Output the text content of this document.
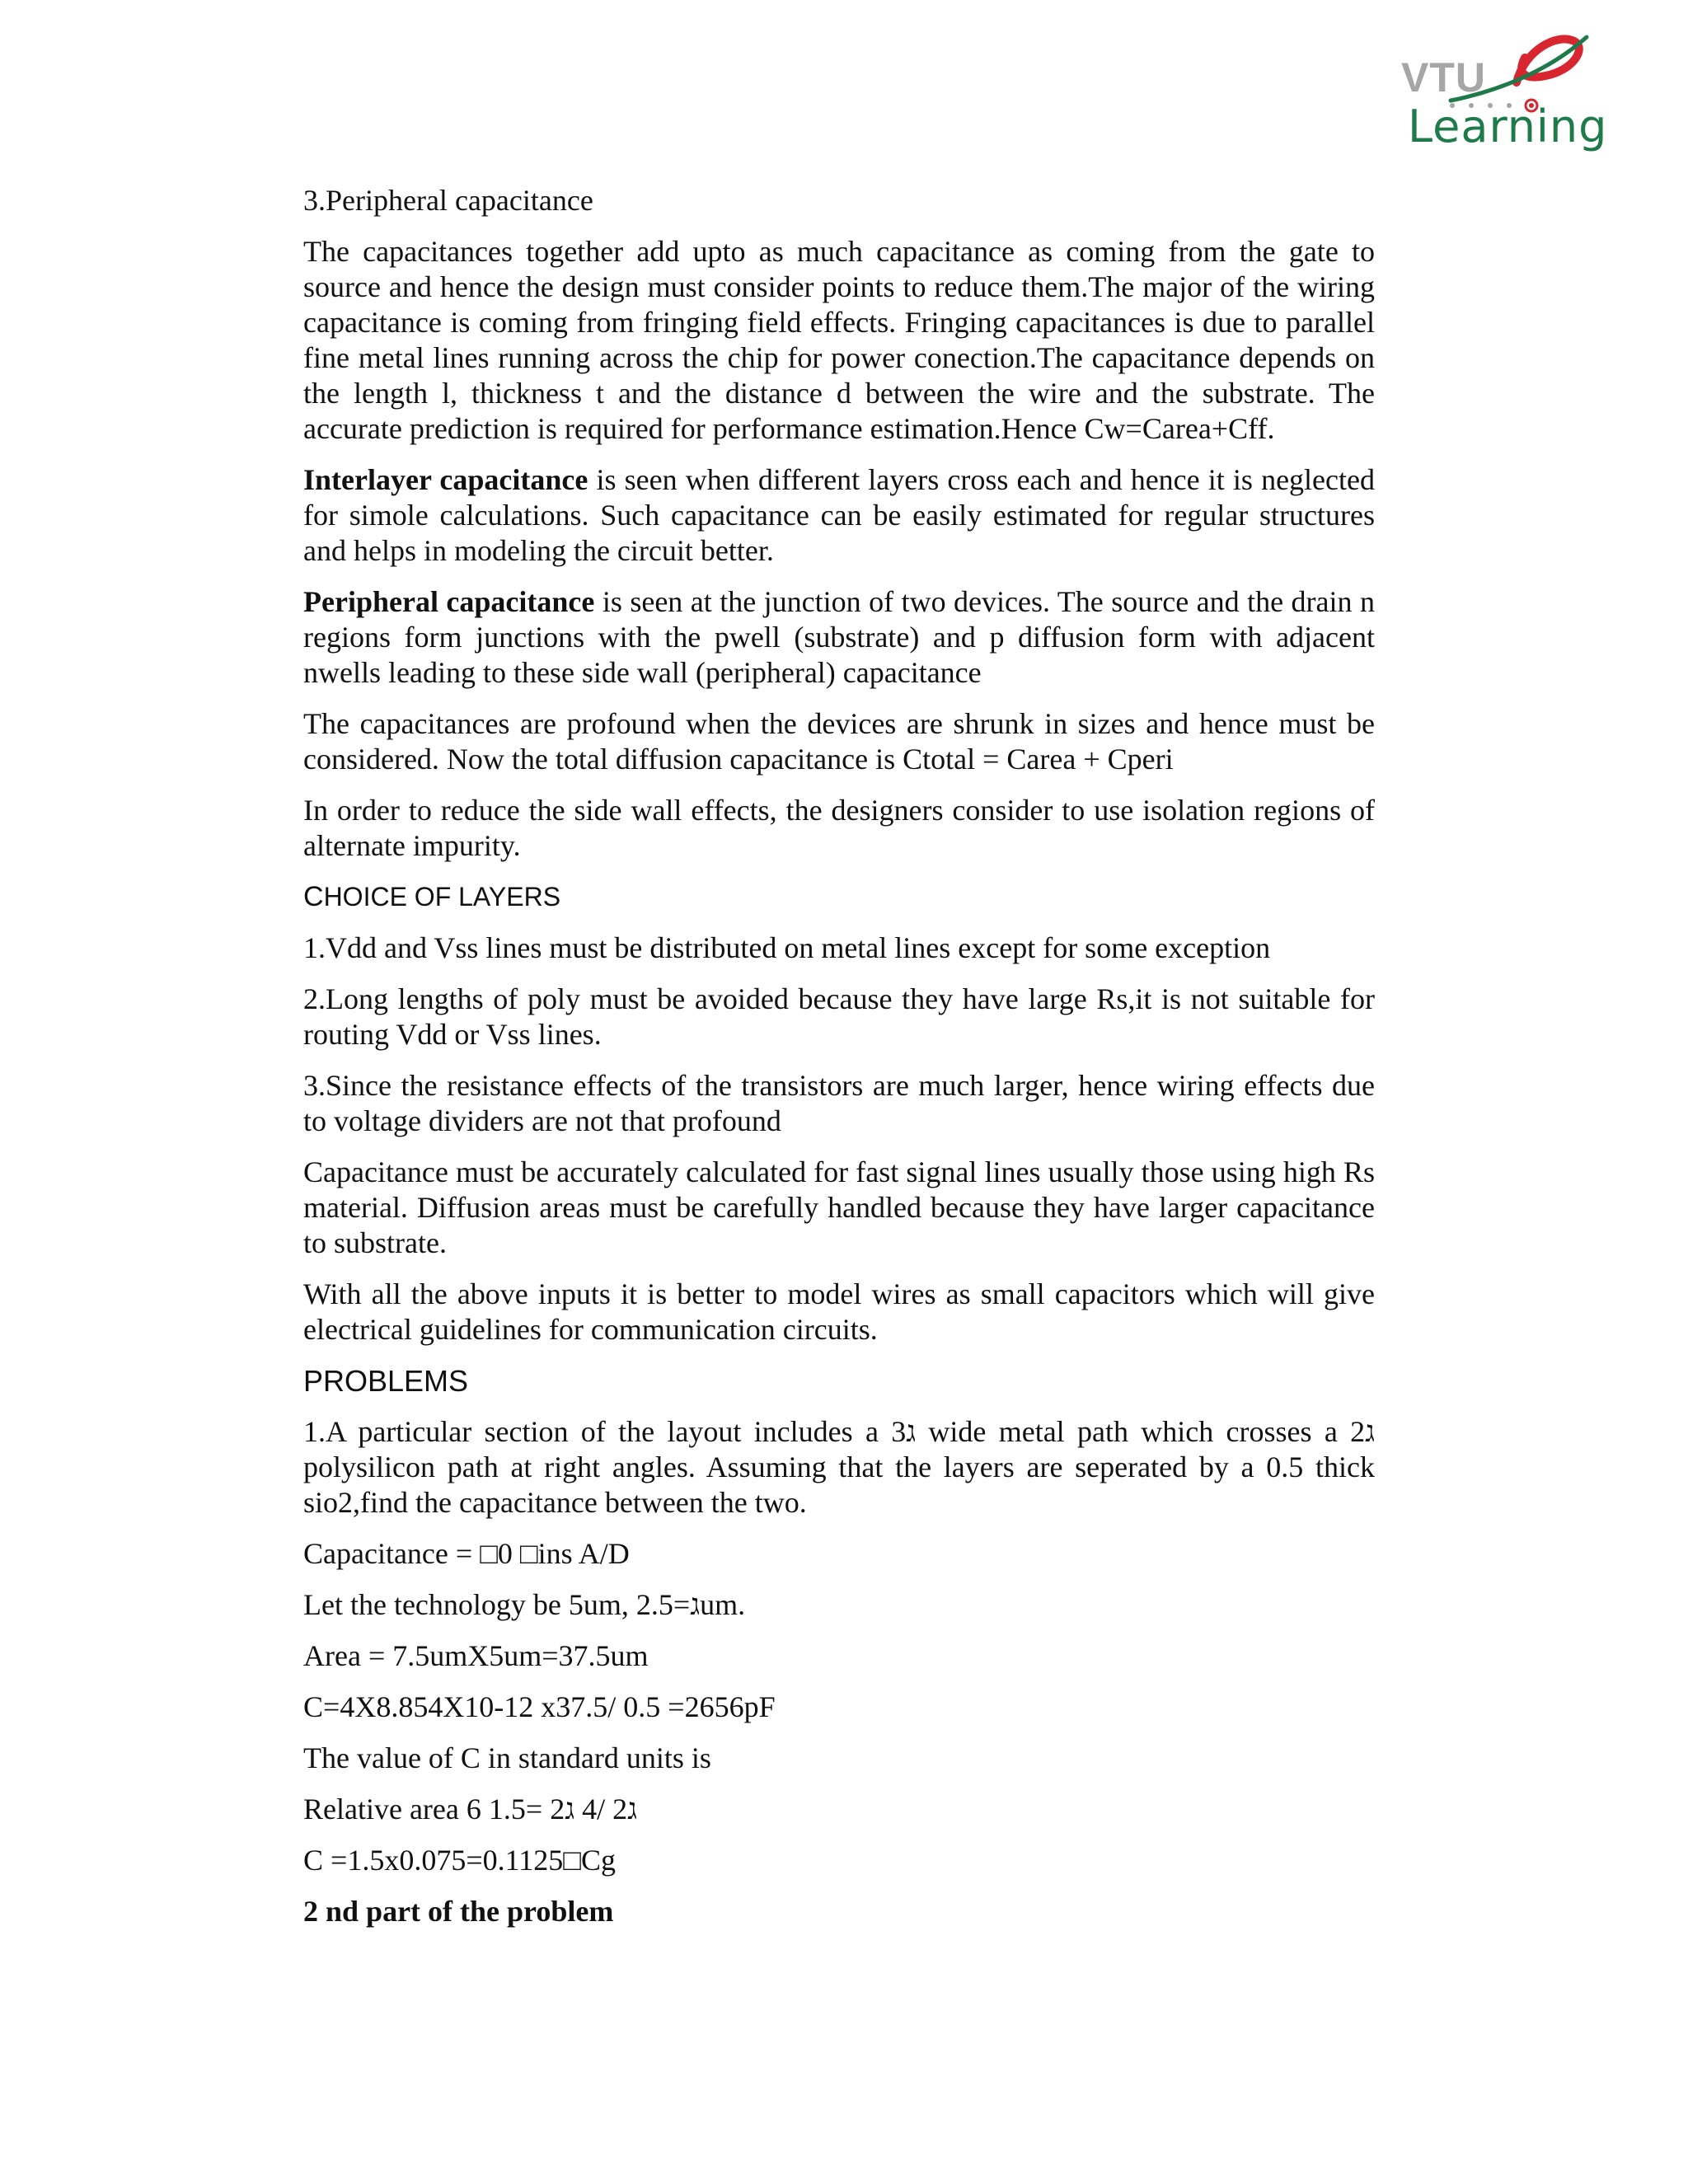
VTU
Learning

3.Peripheral capacitance

The capacitances together add upto as much capacitance as coming from the gate to source and hence the design must consider points to reduce them.The major of the wiring capacitance is coming from fringing field effects. Fringing capacitances is due to parallel fine metal lines running across the chip for power conection.The capacitance depends on the length l, thickness t and the distance d between the wire and the substrate. The accurate prediction is required for performance estimation.Hence Cw=Carea+Cff.

Interlayer capacitance is seen when different layers cross each and hence it is neglected for simole calculations. Such capacitance can be easily estimated for regular structures and helps in modeling the circuit better.

Peripheral capacitance is seen at the junction of two devices. The source and the drain n regions form junctions with the pwell (substrate) and p diffusion form with adjacent nwells leading to these side wall (peripheral) capacitance

The capacitances are profound when the devices are shrunk in sizes and hence must be considered. Now the total diffusion capacitance is Ctotal = Carea + Cperi

In order to reduce the side wall effects, the designers consider to use isolation regions of alternate impurity.

CHOICE OF LAYERS

1.Vdd and Vss lines must be distributed on metal lines except for some exception

2.Long lengths of poly must be avoided because they have large Rs,it is not suitable for routing Vdd or Vss lines.

3.Since the resistance effects of the transistors are much larger, hence wiring effects due to voltage dividers are not that profound

Capacitance must be accurately calculated for fast signal lines usually those using high Rs material. Diffusion areas must be carefully handled because they have larger capacitance to substrate.

With all the above inputs it is better to model wires as small capacitors which will give electrical guidelines for communication circuits.

PROBLEMS

1.A particular section of the layout includes a 3ג wide metal path which crosses a 2ג polysilicon path at right angles. Assuming that the layers are seperated by a 0.5 thick sio2,find the capacitance between the two.

Capacitance = □0 □ins A/D

Let the technology be 5um, ג=2.5um.

Area = 7.5umX5um=37.5um

C=4X8.854X10-12 x37.5/ 0.5 =2656pF

The value of C in standard units is

Relative area 6 ג2 /4 ג2 =1.5

C =1.5x0.075=0.1125□Cg

2 nd part of the problem
